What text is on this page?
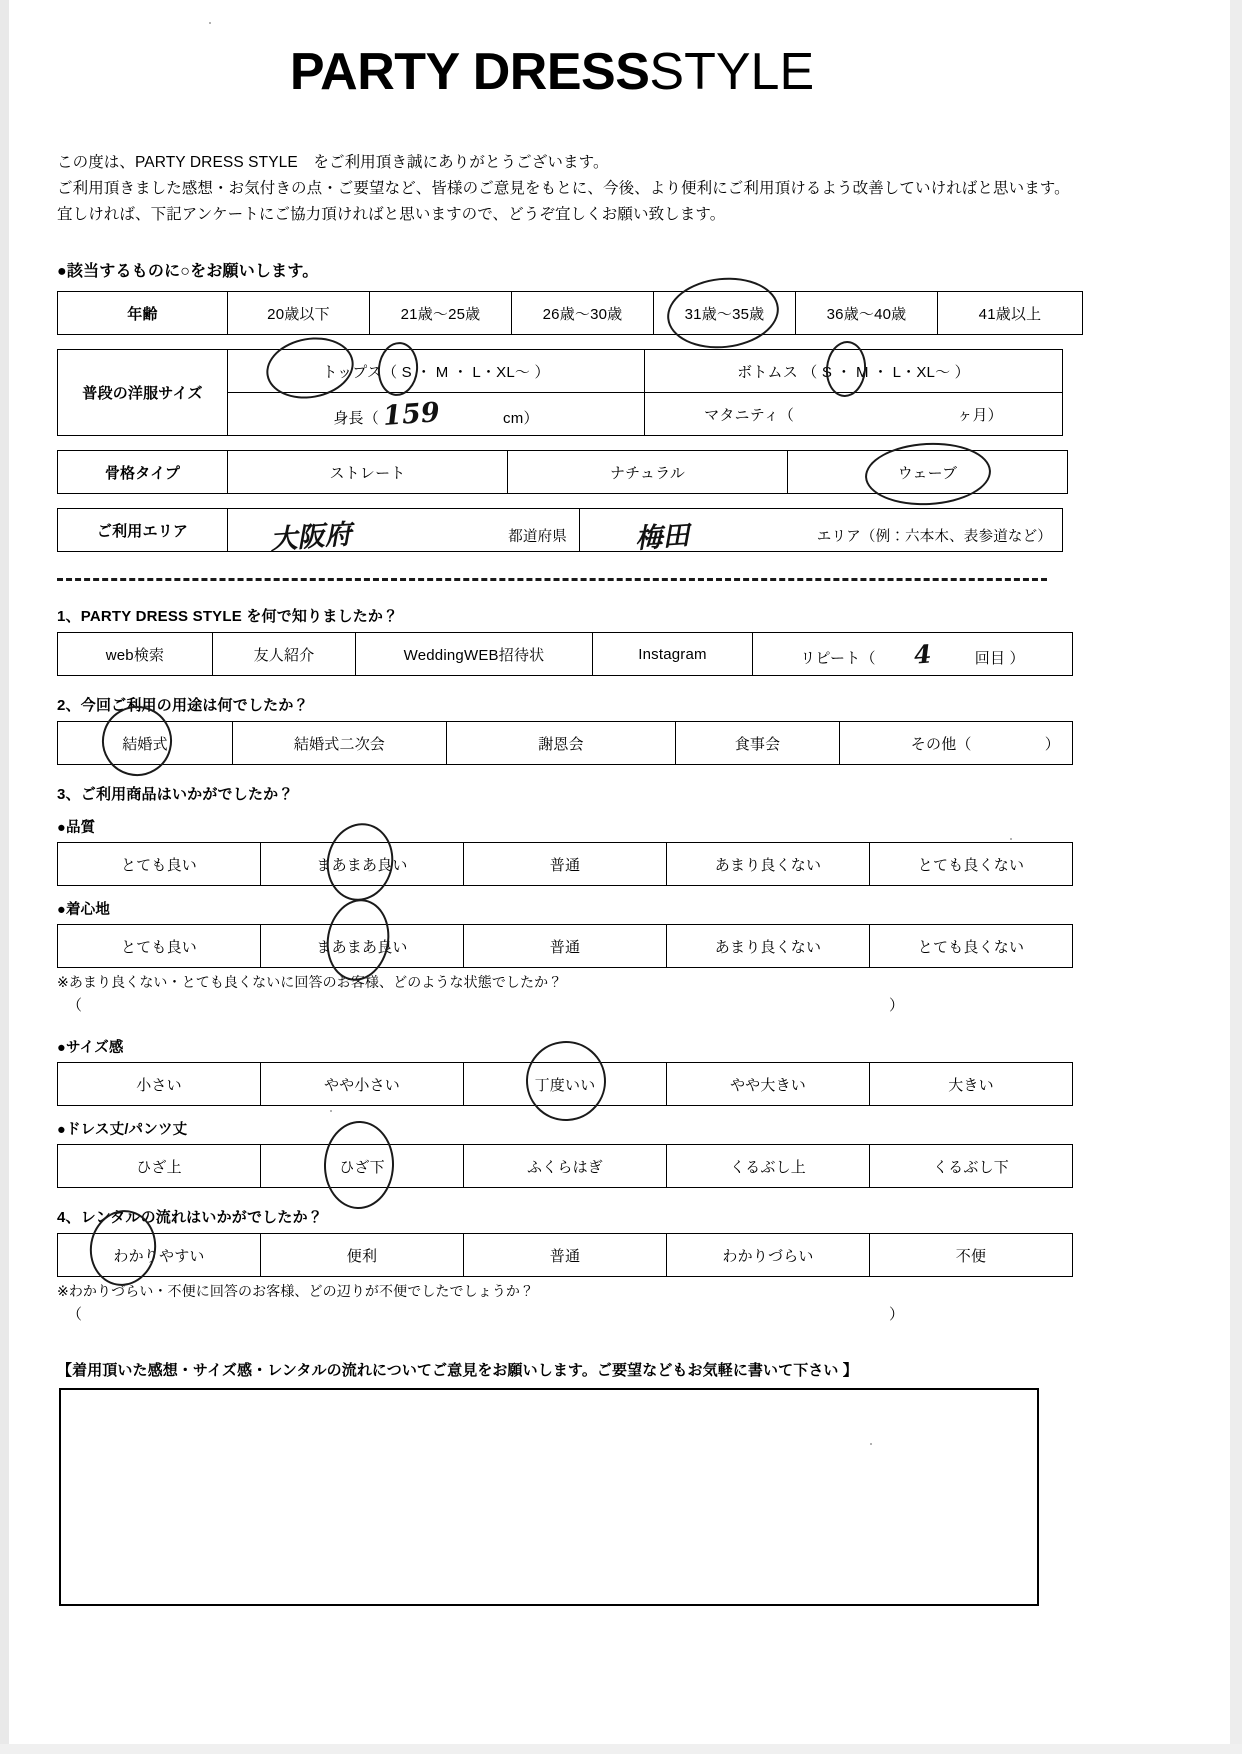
PARTY DRESSSTYLE
この度は、PARTY DRESS STYLE　をご利用頂き誠にありがとうございます。
ご利用頂きました感想・お気付きの点・ご要望など、皆様のご意見をもとに、今後、より便利にご利用頂けるよう改善していければと思います。
宜しければ、下記アンケートにご協力頂ければと思いますので、どうぞ宜しくお願い致します。
●該当するものに○をお願いします。
年齢	20歳以下	21歳～25歳	26歳～30歳	31歳～35歳	36歳～40歳	41歳以上
普段の洋服サイズ	トップス（ S ・ M ・ L・XL～ ）	ボトムス （ S ・ M ・ L・XL～ ）

	身長（ 159 cm）	マタニティ（ ヶ月）
骨格タイプ	ストレート	ナチュラル	ウェーブ
ご利用エリア	大阪府	都道府県	梅田	エリア（例：六本木、表参道など）
1、PARTY DRESS STYLE を何で知りましたか？
web検索	友人紹介	WeddingWEB招待状	Instagram	リピート（ 4	回目 ）
2、今回ご利用の用途は何でしたか？
結婚式	結婚式二次会	謝恩会	食事会	その他（	）
3、ご利用商品はいかがでしたか？
●品質
とても良い	まあまあ良い	普通	あまり良くない	とても良くない
●着心地
とても良い	まあまあ良い	普通	あまり良くない	とても良くない
※あまり良くない・とても良くないに回答のお客様、どのような状態でしたか？
（	）
●サイズ感
小さい	やや小さい	丁度いい	やや大きい	大きい
●ドレス丈/パンツ丈
ひざ上	ひざ下	ふくらはぎ	くるぶし上	くるぶし下
4、レンタルの流れはいかがでしたか？
わかりやすい	便利	普通	わかりづらい	不便
※わかりづらい・不便に回答のお客様、どの辺りが不便でしたでしょうか？
（	）
【着用頂いた感想・サイズ感・レンタルの流れについてご意見をお願いします。ご要望などもお気軽に書いて下さい 】
